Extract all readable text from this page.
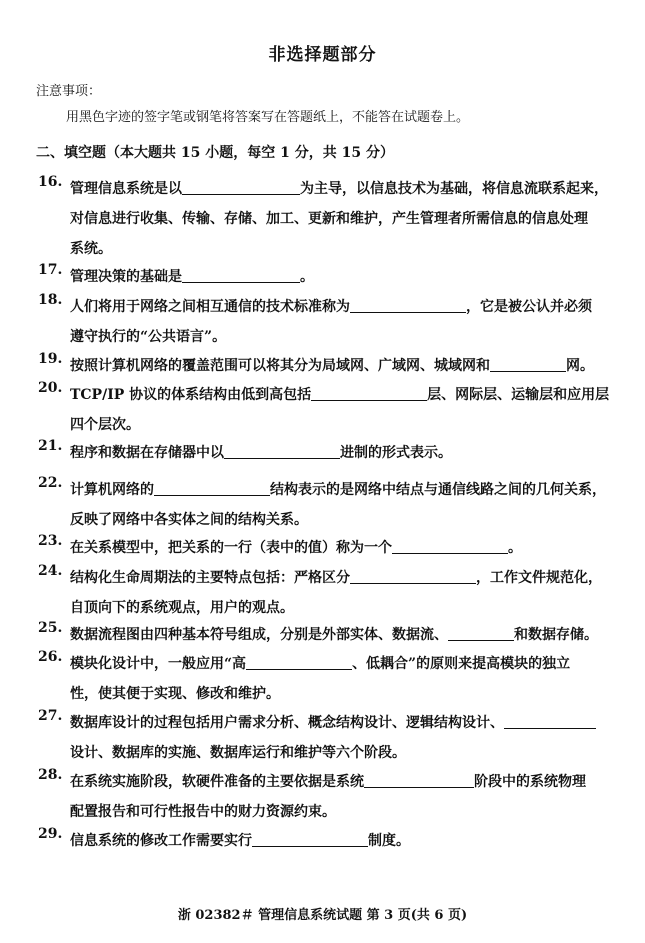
非选择题部分
注意事项：
用黑色字迹的签字笔或钢笔将答案写在答题纸上，不能答在试题卷上。
二、填空题（本大题共 15 小题，每空 1 分，共 15 分）
16. 管理信息系统是以	为主导，以信息技术为基础，将信息流联系起来，
对信息进行收集、传输、存储、加工、更新和维护，产生管理者所需信息的信息处理
系统。
17. 管理决策的基础是	。
18. 人们将用于网络之间相互通信的技术标准称为	，它是被公认并必须
遵守执行的“公共语言”。
19. 按照计算机网络的覆盖范围可以将其分为局域网、广域网、城域网和	网。
20. TCP/IP 协议的体系结构由低到高包括	层、网际层、运输层和应用层
四个层次。
21. 程序和数据在存储器中以	进制的形式表示。
22. 计算机网络的	结构表示的是网络中结点与通信线路之间的几何关系，
反映了网络中各实体之间的结构关系。
23. 在关系模型中，把关系的一行（表中的值）称为一个	。
24. 结构化生命周期法的主要特点包括：严格区分	，工作文件规范化，
自顶向下的系统观点，用户的观点。
25. 数据流程图由四种基本符号组成，分别是外部实体、数据流、	和数据存储。
26. 模块化设计中，一般应用“高	、低耦合”的原则来提高模块的独立
性，使其便于实现、修改和维护。
27. 数据库设计的过程包括用户需求分析、概念结构设计、逻辑结构设计、
设计、数据库的实施、数据库运行和维护等六个阶段。
28. 在系统实施阶段，软硬件准备的主要依据是系统	阶段中的系统物理
配置报告和可行性报告中的财力资源约束。
29. 信息系统的修改工作需要实行	制度。
浙 02382＃ 管理信息系统试题 第 3 页(共 6 页)
